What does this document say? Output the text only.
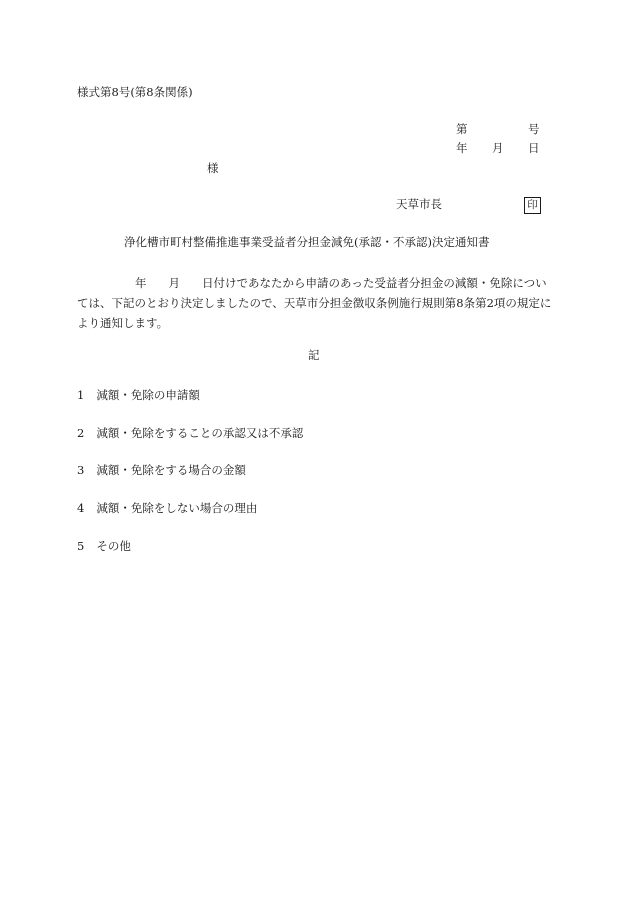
様式第8号(第8条関係)
第	号
年 月 日
様
天草市長	印
浄化槽市町村整備推進事業受益者分担金減免(承認・不承認)決定通知書
年 月 日付けであなたから申請のあった受益者分担金の減額・免除については、下記のとおり決定しましたので、天草市分担金徴収条例施行規則第8条第2項の規定により通知します。
記
1 減額・免除の申請額
2 減額・免除をすることの承認又は不承認
3 減額・免除をする場合の金額
4 減額・免除をしない場合の理由
5 その他
